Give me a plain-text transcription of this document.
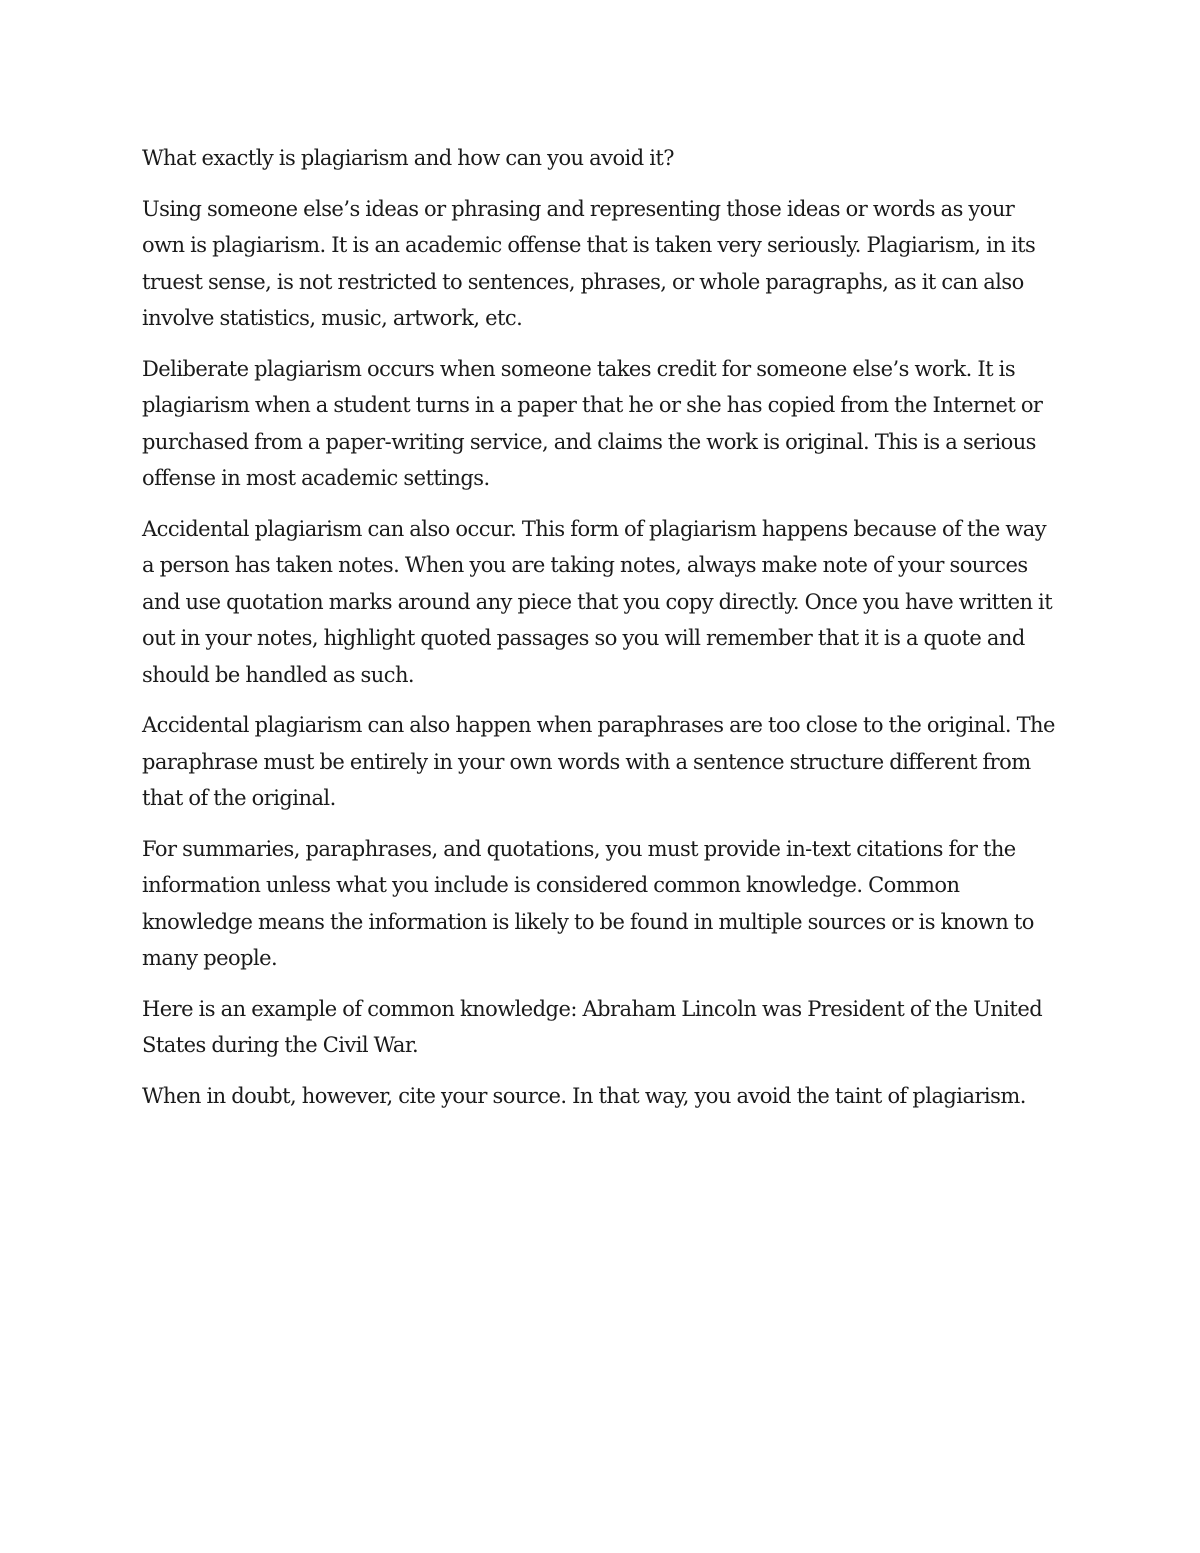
What exactly is plagiarism and how can you avoid it?

Using someone else’s ideas or phrasing and representing those ideas or words as your own is plagiarism. It is an academic offense that is taken very seriously. Plagiarism, in its truest sense, is not restricted to sentences, phrases, or whole paragraphs, as it can also involve statistics, music, artwork, etc.

Deliberate plagiarism occurs when someone takes credit for someone else’s work. It is plagiarism when a student turns in a paper that he or she has copied from the Internet or purchased from a paper-writing service, and claims the work is original. This is a serious offense in most academic settings.

Accidental plagiarism can also occur. This form of plagiarism happens because of the way a person has taken notes. When you are taking notes, always make note of your sources and use quotation marks around any piece that you copy directly. Once you have written it out in your notes, highlight quoted passages so you will remember that it is a quote and should be handled as such.

Accidental plagiarism can also happen when paraphrases are too close to the original. The paraphrase must be entirely in your own words with a sentence structure different from that of the original.

For summaries, paraphrases, and quotations, you must provide in-text citations for the information unless what you include is considered common knowledge. Common knowledge means the information is likely to be found in multiple sources or is known to many people.

Here is an example of common knowledge: Abraham Lincoln was President of the United States during the Civil War.

When in doubt, however, cite your source. In that way, you avoid the taint of plagiarism.
